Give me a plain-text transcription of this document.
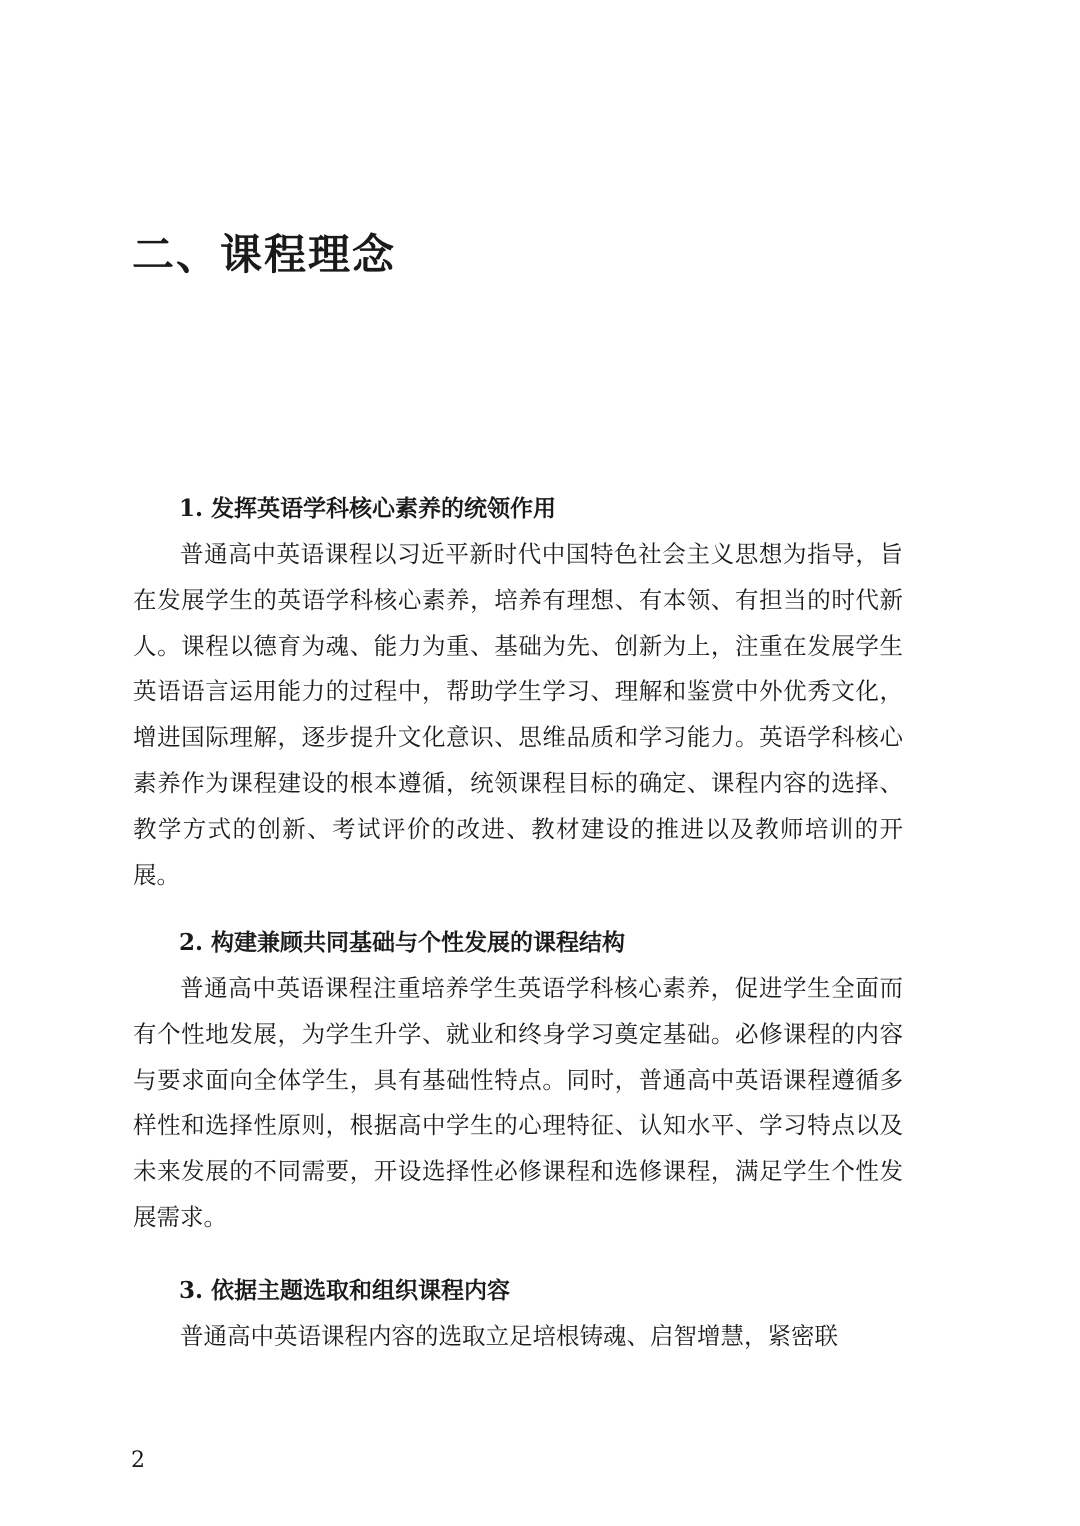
二、课程理念
1. 发挥英语学科核心素养的统领作用

普通高中英语课程以习近平新时代中国特色社会主义思想为指导，旨在发展学生的英语学科核心素养，培养有理想、有本领、有担当的时代新人。课程以德育为魂、能力为重、基础为先、创新为上，注重在发展学生英语语言运用能力的过程中，帮助学生学习、理解和鉴赏中外优秀文化，增进国际理解，逐步提升文化意识、思维品质和学习能力。英语学科核心素养作为课程建设的根本遵循，统领课程目标的确定、课程内容的选择、教学方式的创新、考试评价的改进、教材建设的推进以及教师培训的开展。

2. 构建兼顾共同基础与个性发展的课程结构

普通高中英语课程注重培养学生英语学科核心素养，促进学生全面而有个性地发展，为学生升学、就业和终身学习奠定基础。必修课程的内容与要求面向全体学生，具有基础性特点。同时，普通高中英语课程遵循多样性和选择性原则，根据高中学生的心理特征、认知水平、学习特点以及未来发展的不同需要，开设选择性必修课程和选修课程，满足学生个性发展需求。

3. 依据主题选取和组织课程内容

普通高中英语课程内容的选取立足培根铸魂、启智增慧，紧密联

2
